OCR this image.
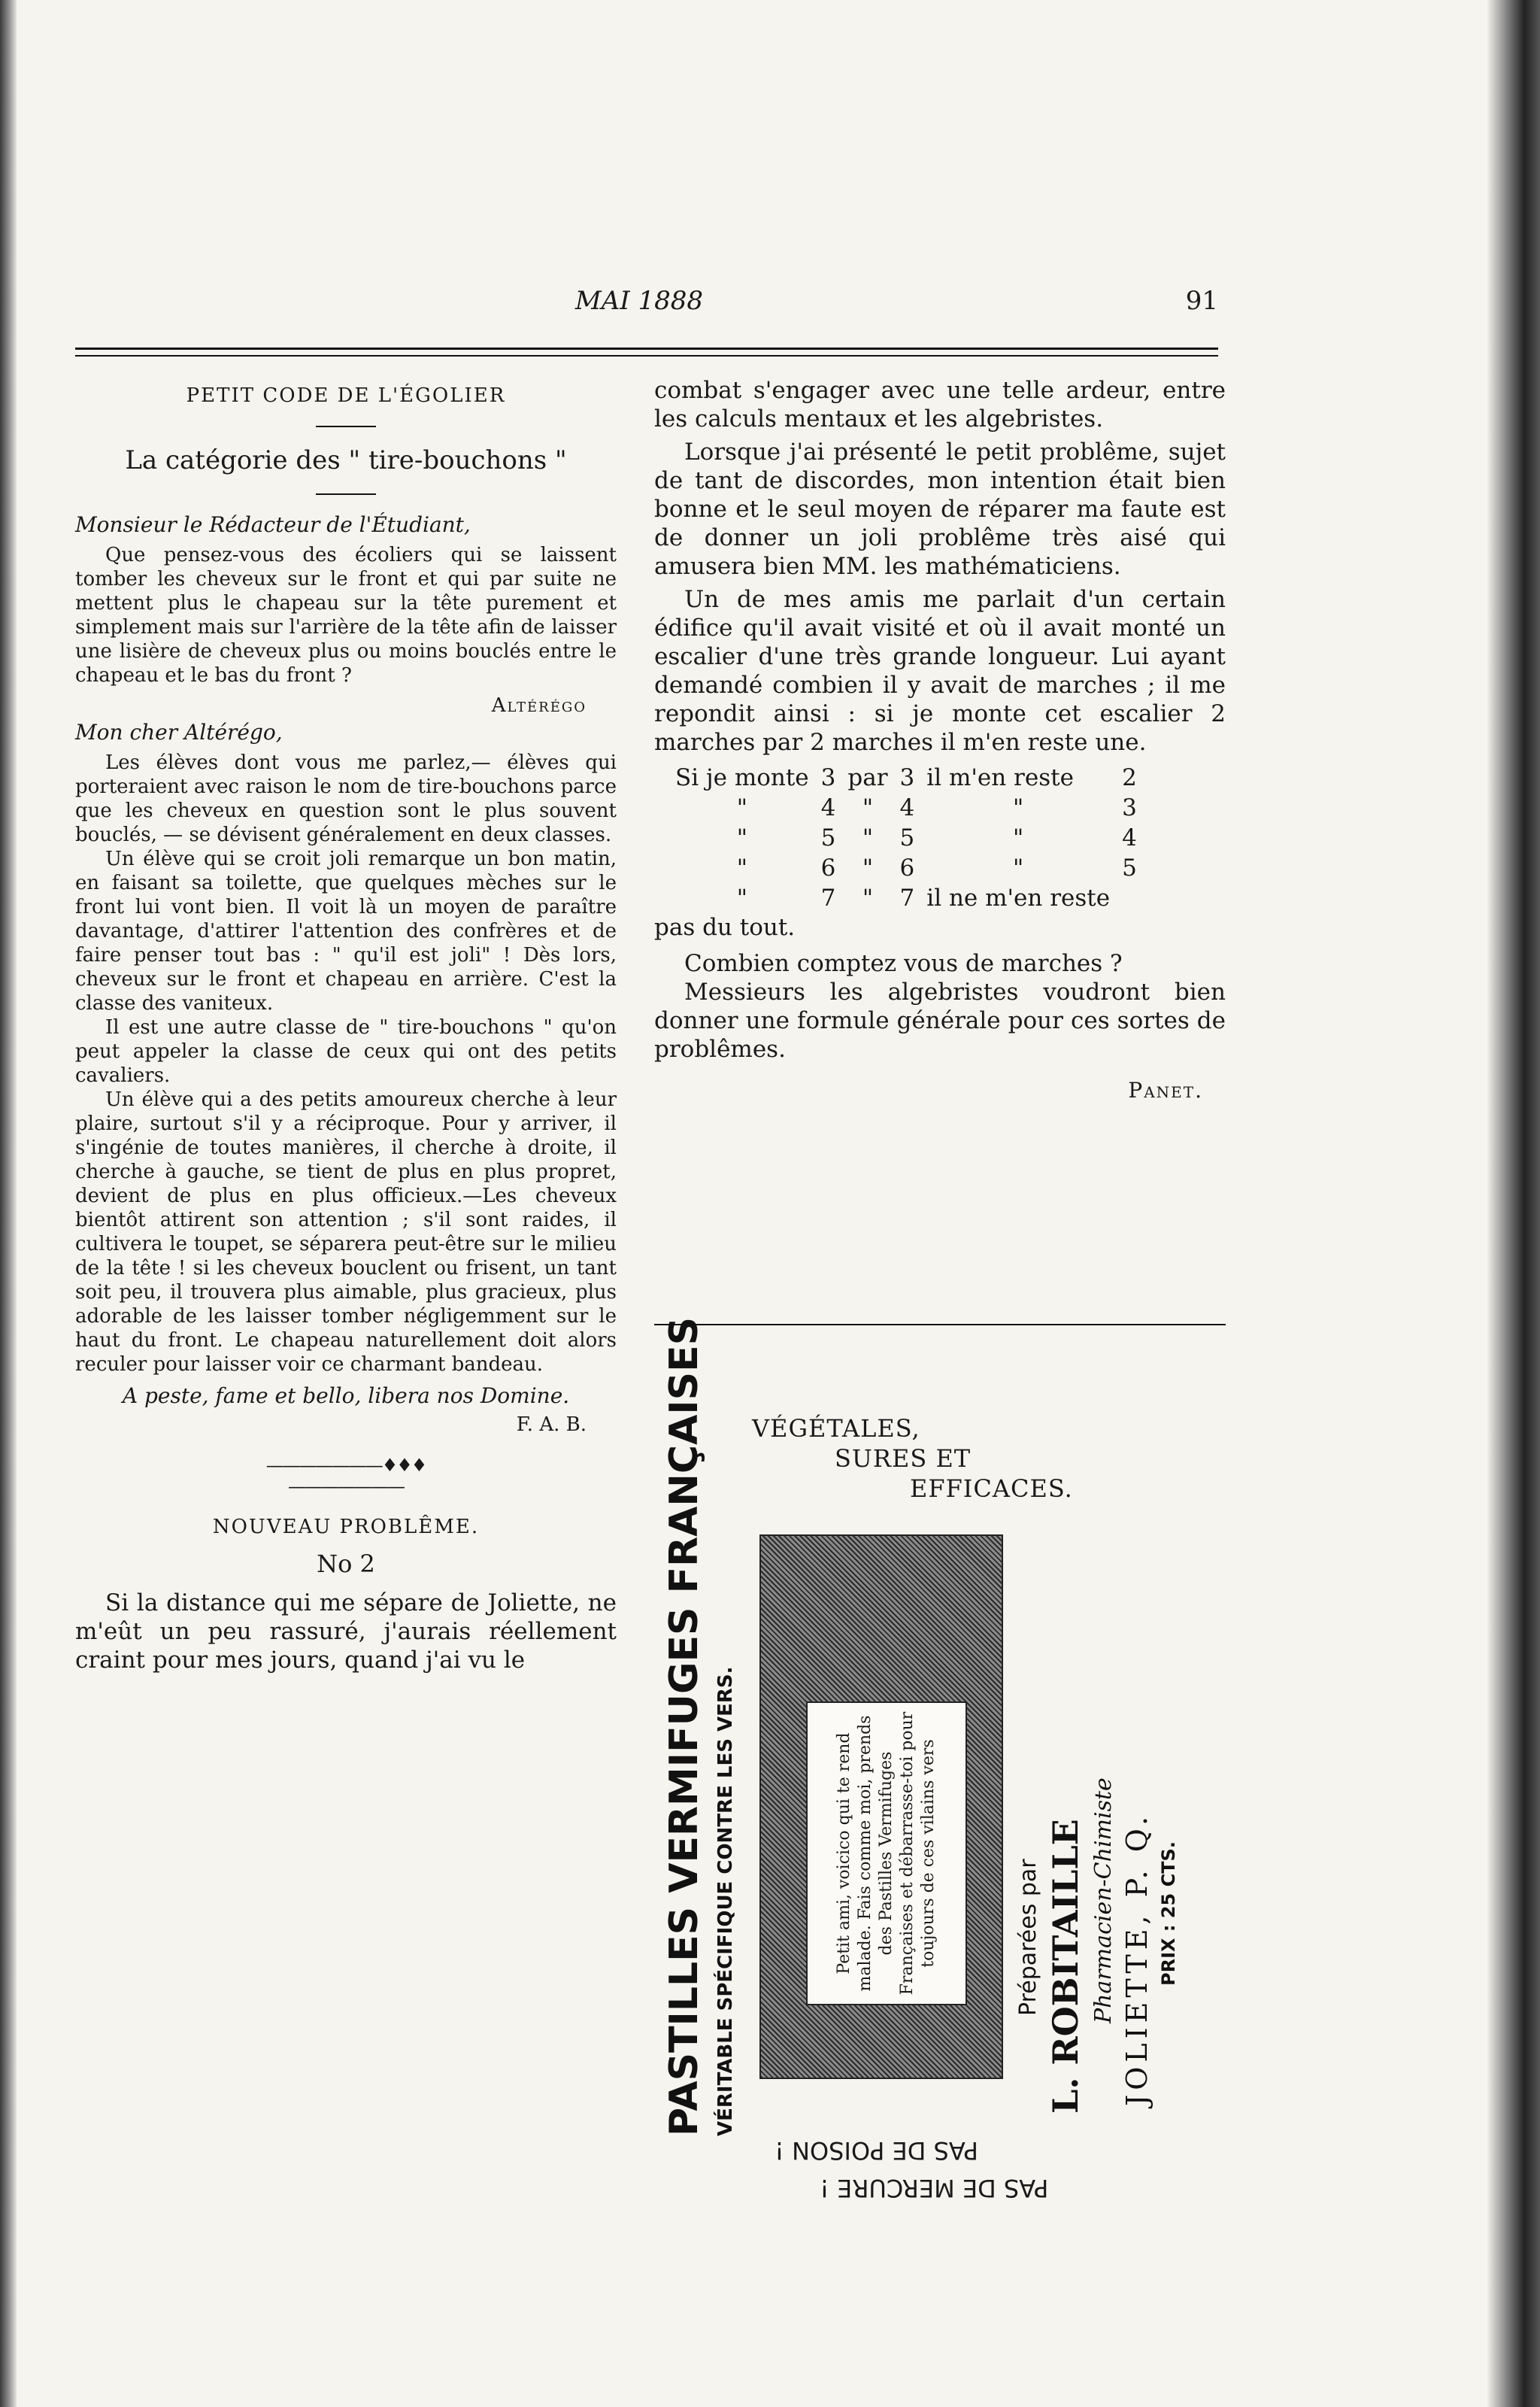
MAI 1888	91

PETIT CODE DE L'ÉGOLIER

La catégorie des " tire-bouchons "

Monsieur le Rédacteur de l'Étudiant,

Que pensez-vous des écoliers qui se laissent tomber les cheveux sur le front et qui par suite ne mettent plus le chapeau sur la tête purement et simplement mais sur l'arrière de la tête afin de laisser une lisière de cheveux plus ou moins bouclés entre le chapeau et le bas du front ?

Altérégo

Mon cher Altérégo,

Les élèves dont vous me parlez,— élèves qui porteraient avec raison le nom de tire-bouchons parce que les cheveux en question sont le plus souvent bouclés, — se dévisent généralement en deux classes.

Un élève qui se croit joli remarque un bon matin, en faisant sa toilette, que quelques mèches sur le front lui vont bien. Il voit là un moyen de paraître davantage, d'attirer l'attention des confrères et de faire penser tout bas : " qu'il est joli" ! Dès lors, cheveux sur le front et chapeau en arrière. C'est la classe des vaniteux.

Il est une autre classe de " tire-bouchons " qu'on peut appeler la classe de ceux qui ont des petits cavaliers.

Un élève qui a des petits amoureux cherche à leur plaire, surtout s'il y a réciproque. Pour y arriver, il s'ingénie de toutes manières, il cherche à droite, il cherche à gauche, se tient de plus en plus propret, devient de plus en plus officieux.—Les cheveux bientôt attirent son attention ; s'il sont raides, il cultivera le toupet, se séparera peut-être sur le milieu de la tête ! si les cheveux bouclent ou frisent, un tant soit peu, il trouvera plus aimable, plus gracieux, plus adorable de les laisser tomber négligemment sur le haut du front. Le chapeau naturellement doit alors reculer pour laisser voir ce charmant bandeau.

A peste, fame et bello, libera nos Domine.

F. A. B.

———————♦♦♦———————

NOUVEAU PROBLÊME.

No 2

Si la distance qui me sépare de Joliette, ne m'eût un peu rassuré, j'aurais réellement craint pour mes jours, quand j'ai vu le

combat s'engager avec une telle ardeur, entre les calculs mentaux et les algebristes.

Lorsque j'ai présenté le petit problême, sujet de tant de discordes, mon intention était bien bonne et le seul moyen de réparer ma faute est de donner un joli problême très aisé qui amusera bien MM. les mathématiciens.

Un de mes amis me parlait d'un certain édifice qu'il avait visité et où il avait monté un escalier d'une très grande longueur. Lui ayant demandé combien il y avait de marches ; il me repondit ainsi : si je monte cet escalier 2 marches par 2 marches il m'en reste une.

Si je monte	3	par	3	il m'en reste	2
"	4	"	4	"	3
"	5	"	5	"	4
"	6	"	6	"	5
"	7	"	7	il ne m'en reste	

pas du tout.

Combien comptez vous de marches ?

Messieurs les algebristes voudront bien donner une formule générale pour ces sortes de problêmes.

Panet.

PASTILLES VERMIFUGES FRANÇAISES VÉRITABLE SPÉCIFIQUE CONTRE LES VERS.
VÉGÉTALES,
SURES ET
EFFICACES.
Petit ami, voicico qui te rend malade. Fais comme moi, prends des Pastilles Vermifuges Françaises et débarrasse-toi pour toujours de ces vilains vers	Préparées par L. ROBITAILLE Pharmacien-Chimiste JOLIETTE, P. Q. PRIX : 25 CTS.
PAS DE POISON !
PAS DE MERCURE !
